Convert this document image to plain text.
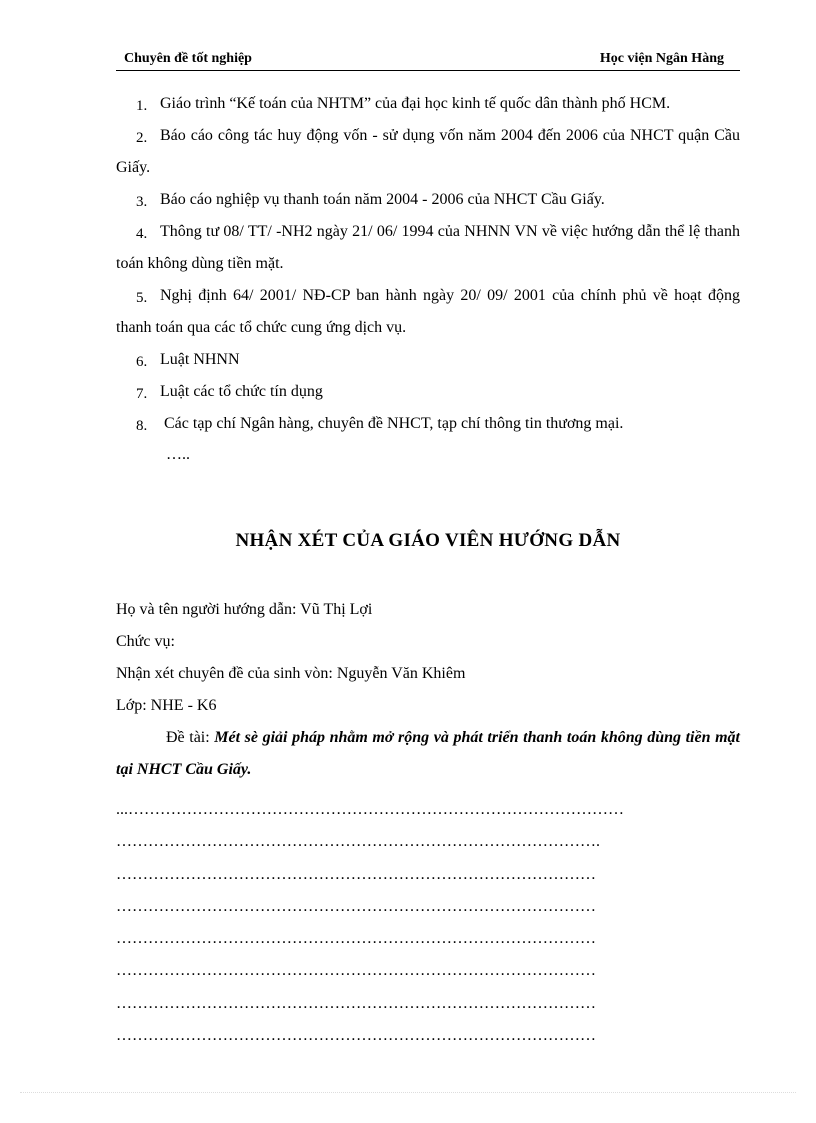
Chuyên đề tốt nghiệp	Học viện Ngân Hàng
1. Giáo trình “Kế toán của NHTM” của đại học kinh tế quốc dân thành phố HCM.
2. Báo cáo công tác huy động vốn - sử dụng vốn năm 2004 đến 2006 của NHCT quận Cầu Giấy.
3. Báo cáo nghiệp vụ thanh toán năm 2004 - 2006 của NHCT Cầu Giấy.
4. Thông tư 08/ TT/ -NH2 ngày 21/ 06/ 1994 của NHNN VN về việc hướng dẫn thể lệ thanh toán không dùng tiền mặt.
5. Nghị định 64/ 2001/ NĐ-CP ban hành ngày 20/ 09/ 2001 của chính phủ về hoạt động thanh toán qua các tổ chức cung ứng dịch vụ.
6. Luật NHNN
7. Luật các tổ chức tín dụng
8. Các tạp chí Ngân hàng, chuyên đề NHCT, tạp chí thông tin thương mại.
…..
NHẬN XÉT CỦA GIÁO VIÊN HƯỚNG DẪN
Họ và tên người hướng dẫn: Vũ Thị Lợi
Chức vụ:
Nhận xét chuyên đề của sinh vòn: Nguyễn Văn Khiêm
Lớp: NHE - K6
Đề tài: Mét sè giải pháp nhằm mở rộng và phát triển thanh toán không dùng tiền mặt tại NHCT Cầu Giấy.
...…………………………………………………………………………………
……………………………………………………………………………….
………………………………………………………………………………
………………………………………………………………………………
………………………………………………………………………………
………………………………………………………………………………
………………………………………………………………………………
………………………………………………………………………………
